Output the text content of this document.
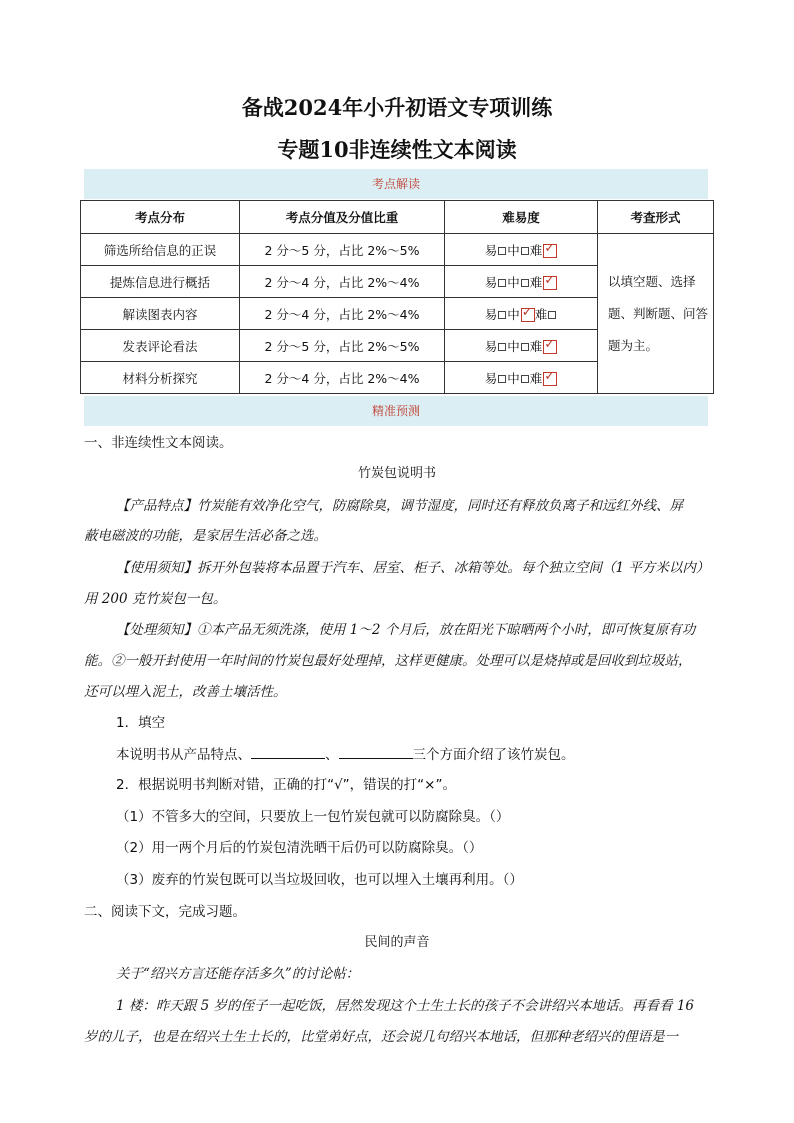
备战2024年小升初语文专项训练
专题10非连续性文本阅读
考点解读
考点分布	考点分值及分值比重	难易度	考查形式
筛选所给信息的正误	2 分～5 分，占比 2%～5%	易 中 难✓	以填空题、选择题、判断题、问答题为主。
提炼信息进行概括	2 分～4 分，占比 2%～4%	易 中 难✓
解读图表内容	2 分～4 分，占比 2%～4%	易 中 ✓ 难
发表评论看法	2 分～5 分，占比 2%～5%	易 中 难✓
材料分析探究	2 分～4 分，占比 2%～4%	易 中 难✓
精准预测
一、非连续性文本阅读。
竹炭包说明书
【产品特点】竹炭能有效净化空气，防腐除臭，调节湿度，同时还有释放负离子和远红外线、屏
蔽电磁波的功能，是家居生活必备之选。
【使用须知】拆开外包装将本品置于汽车、居室、柜子、冰箱等处。每个独立空间（1 平方米以内）
用 200 克竹炭包一包。
【处理须知】①本产品无须洗涤，使用 1～2 个月后，放在阳光下晾晒两个小时，即可恢复原有功
能。②一般开封使用一年时间的竹炭包最好处理掉，这样更健康。处理可以是烧掉或是回收到垃圾站，
还可以埋入泥土，改善土壤活性。
1．填空
本说明书从产品特点、	、	三个方面介绍了该竹炭包。
2．根据说明书判断对错，正确的打“√”，错误的打“×”。
（1）不管多大的空间，只要放上一包竹炭包就可以防腐除臭。（）
（2）用一两个月后的竹炭包清洗晒干后仍可以防腐除臭。（）
（3）废弃的竹炭包既可以当垃圾回收，也可以埋入土壤再利用。（）
二、阅读下文，完成习题。
民间的声音
关于“绍兴方言还能存活多久”的讨论帖：
1 楼：昨天跟 5 岁的侄子一起吃饭，居然发现这个土生土长的孩子不会讲绍兴本地话。再看看 16
岁的儿子，也是在绍兴土生土长的，比堂弟好点，还会说几句绍兴本地话，但那种老绍兴的俚语是一
